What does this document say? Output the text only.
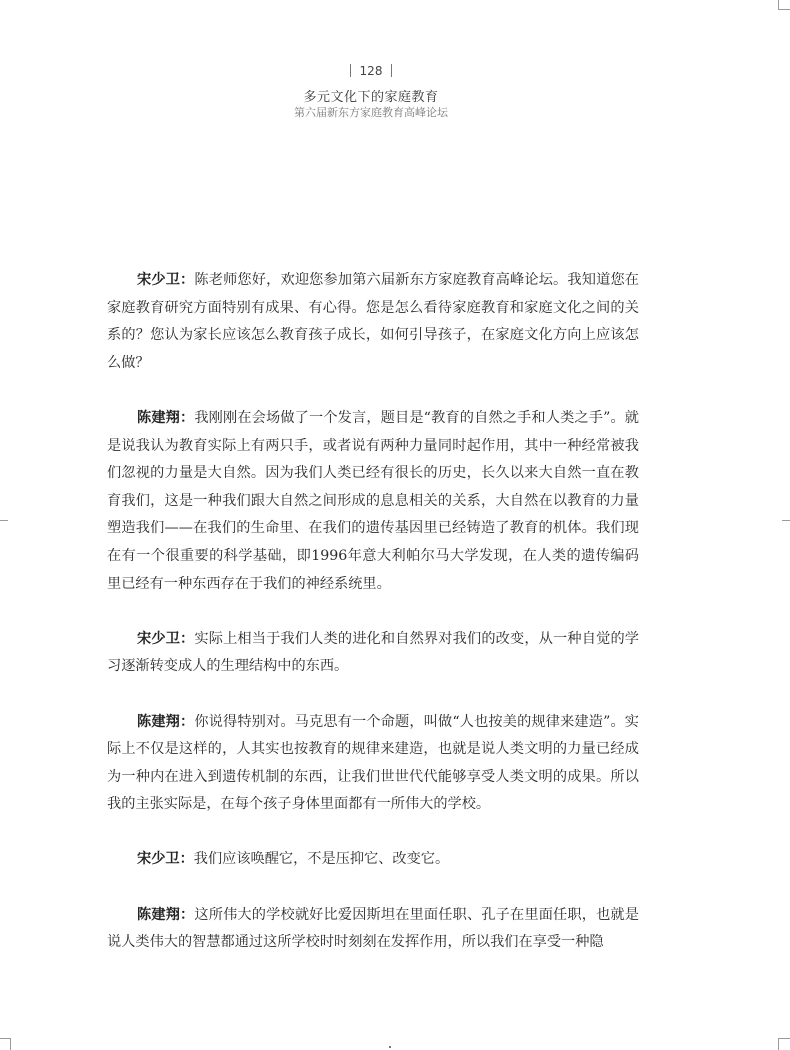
128
多元文化下的家庭教育
第六届新东方家庭教育高峰论坛

宋少卫：陈老师您好，欢迎您参加第六届新东方家庭教育高峰论坛。我知道您在家庭教育研究方面特别有成果、有心得。您是怎么看待家庭教育和家庭文化之间的关系的？您认为家长应该怎么教育孩子成长，如何引导孩子，在家庭文化方向上应该怎么做？

陈建翔：我刚刚在会场做了一个发言，题目是“教育的自然之手和人类之手”。就是说我认为教育实际上有两只手，或者说有两种力量同时起作用，其中一种经常被我们忽视的力量是大自然。因为我们人类已经有很长的历史，长久以来大自然一直在教育我们，这是一种我们跟大自然之间形成的息息相关的关系，大自然在以教育的力量塑造我们——在我们的生命里、在我们的遗传基因里已经铸造了教育的机体。我们现在有一个很重要的科学基础，即1996年意大利帕尔马大学发现，在人类的遗传编码里已经有一种东西存在于我们的神经系统里。

宋少卫：实际上相当于我们人类的进化和自然界对我们的改变，从一种自觉的学习逐渐转变成人的生理结构中的东西。

陈建翔：你说得特别对。马克思有一个命题，叫做“人也按美的规律来建造”。实际上不仅是这样的，人其实也按教育的规律来建造，也就是说人类文明的力量已经成为一种内在进入到遗传机制的东西，让我们世世代代能够享受人类文明的成果。所以我的主张实际是，在每个孩子身体里面都有一所伟大的学校。

宋少卫：我们应该唤醒它，不是压抑它、改变它。

陈建翔：这所伟大的学校就好比爱因斯坦在里面任职、孔子在里面任职，也就是说人类伟大的智慧都通过这所学校时时刻刻在发挥作用，所以我们在享受一种隐
